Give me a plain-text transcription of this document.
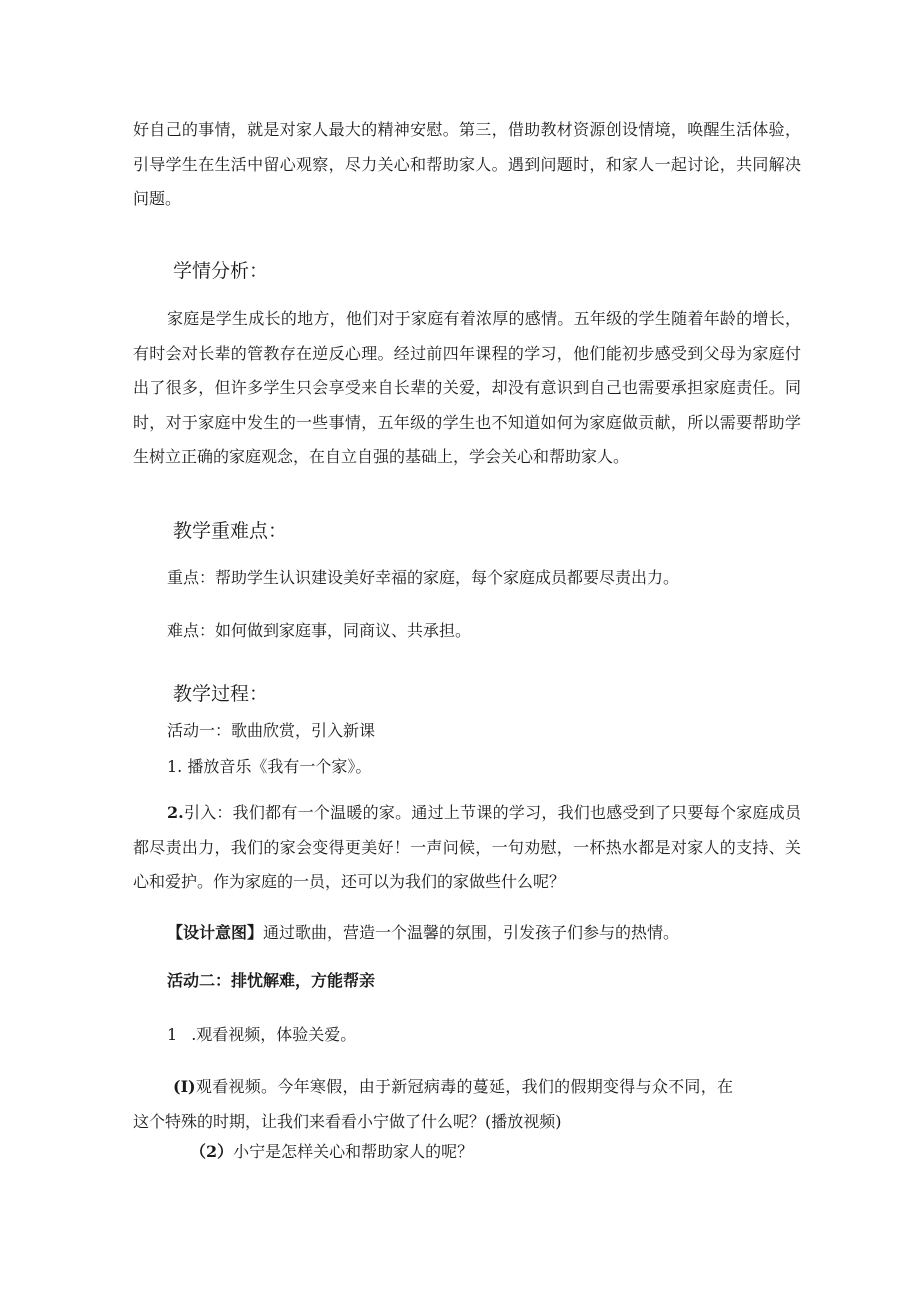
好自己的事情，就是对家人最大的精神安慰。第三，借助教材资源创设情境，唤醒生活体验，引导学生在生活中留心观察，尽力关心和帮助家人。遇到问题时，和家人一起讨论，共同解决问题。

学情分析：

家庭是学生成长的地方，他们对于家庭有着浓厚的感情。五年级的学生随着年龄的增长，有时会对长辈的管教存在逆反心理。经过前四年课程的学习，他们能初步感受到父母为家庭付出了很多，但许多学生只会享受来自长辈的关爱，却没有意识到自己也需要承担家庭责任。同时，对于家庭中发生的一些事情，五年级的学生也不知道如何为家庭做贡献，所以需要帮助学生树立正确的家庭观念，在自立自强的基础上，学会关心和帮助家人。

教学重难点：

重点：帮助学生认识建设美好幸福的家庭，每个家庭成员都要尽责出力。

难点：如何做到家庭事，同商议、共承担。

教学过程：

活动一：歌曲欣赏，引入新课

1. 播放音乐《我有一个家》。

2.引入：我们都有一个温暖的家。通过上节课的学习，我们也感受到了只要每个家庭成员都尽责出力，我们的家会变得更美好！一声问候，一句劝慰，一杯热水都是对家人的支持、关心和爱护。作为家庭的一员，还可以为我们的家做些什么呢？

【设计意图】通过歌曲，营造一个温馨的氛围，引发孩子们参与的热情。

活动二：排忧解难，方能帮亲

1 .观看视频，体验关爱。

(I)观看视频。今年寒假，由于新冠病毒的蔓延，我们的假期变得与众不同，在这个特殊的时期，让我们来看看小宁做了什么呢？(播放视频)

（2）小宁是怎样关心和帮助家人的呢？
